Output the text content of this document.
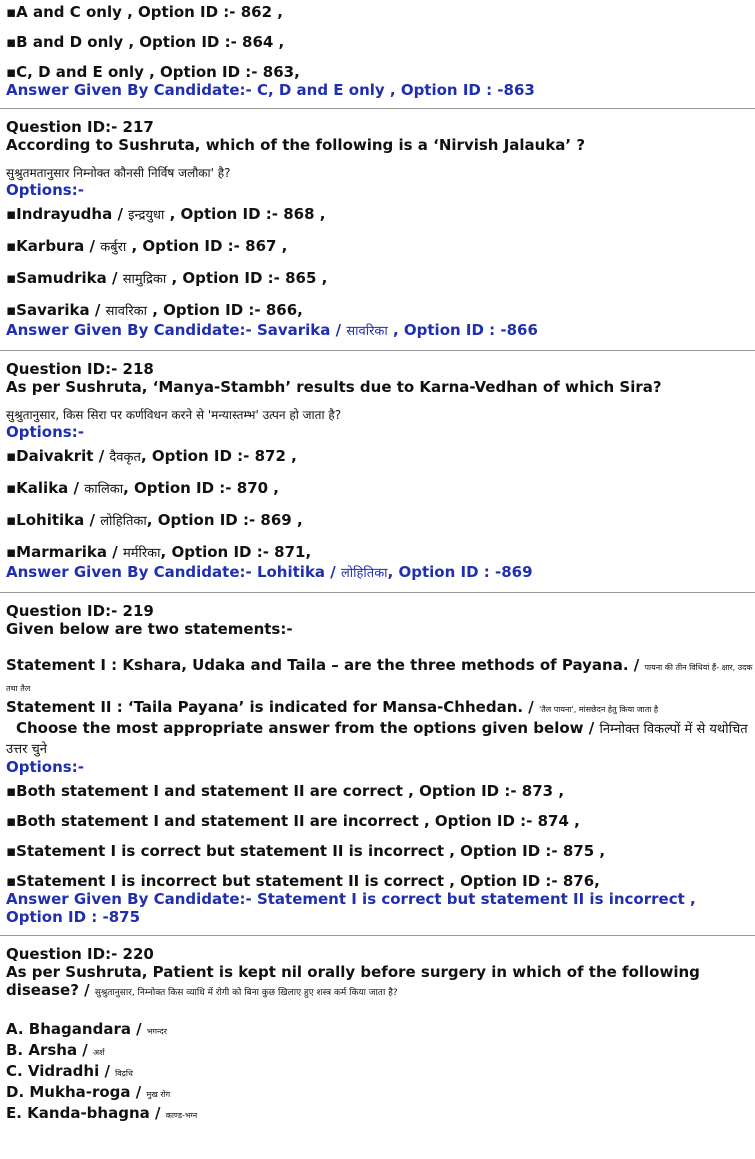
▪A and C only , Option ID :- 862 ,

▪B and D only , Option ID :- 864 ,

▪C, D and E only , Option ID :- 863,

Answer Given By Candidate:- C, D and E only , Option ID : -863

Question ID:- 217

According to Sushruta, which of the following is a ‘Nirvish Jalauka’ ?

सुश्रुतमतानुसार निम्नोक्त कौनसी निर्विष जलौका' है?

Options:-

▪Indrayudha / इन्द्रयुधा , Option ID :- 868 ,

▪Karbura / कर्बुरा , Option ID :- 867 ,

▪Samudrika / सामुद्रिका , Option ID :- 865 ,

▪Savarika / सावरिका , Option ID :- 866,

Answer Given By Candidate:- Savarika / सावरिका , Option ID : -866

Question ID:- 218

As per Sushruta, ‘Manya-Stambh’ results due to Karna-Vedhan of which Sira?

सुश्रुतानुसार, किस सिरा पर कर्णविधन करने से 'मन्यास्तम्भ' उत्पन हो जाता है?

Options:-

▪Daivakrit / दैवकृत, Option ID :- 872 ,

▪Kalika / कालिका, Option ID :- 870 ,

▪Lohitika / लोहितिका, Option ID :- 869 ,

▪Marmarika / मर्मरिका, Option ID :- 871,

Answer Given By Candidate:- Lohitika / लोहितिका, Option ID : -869

Question ID:- 219

Given below are two statements:-

Statement I : Kshara, Udaka and Taila – are the three methods of Payana. / पायना की तीन विधियां हैं- क्षार, उदक तथा तैल

Statement II : ‘Taila Payana’ is indicated for Mansa-Chhedan. / 'तैल पायना', मांसछेदन हेतु किया जाता है

Choose the most appropriate answer from the options given below / निम्नोक्त विकल्पों में से यथोचित उत्तर चुने

Options:-

▪Both statement I and statement II are correct , Option ID :- 873 ,

▪Both statement I and statement II are incorrect , Option ID :- 874 ,

▪Statement I is correct but statement II is incorrect , Option ID :- 875 ,

▪Statement I is incorrect but statement II is correct , Option ID :- 876,

Answer Given By Candidate:- Statement I is correct but statement II is incorrect ,

Option ID : -875

Question ID:- 220

As per Sushruta, Patient is kept nil orally before surgery in which of the following

disease? / सुश्रुतानुसार, निम्नोक्त किस व्याधि में रोगी को बिना कुछ खिलाए हुए शस्त्र कर्म किया जाता है?

A. Bhagandara / भगन्दर

B. Arsha / अर्श

C. Vidradhi / विद्रधि

D. Mukha-roga / मुख रोग

E. Kanda-bhagna / काण्ड-भग्न
